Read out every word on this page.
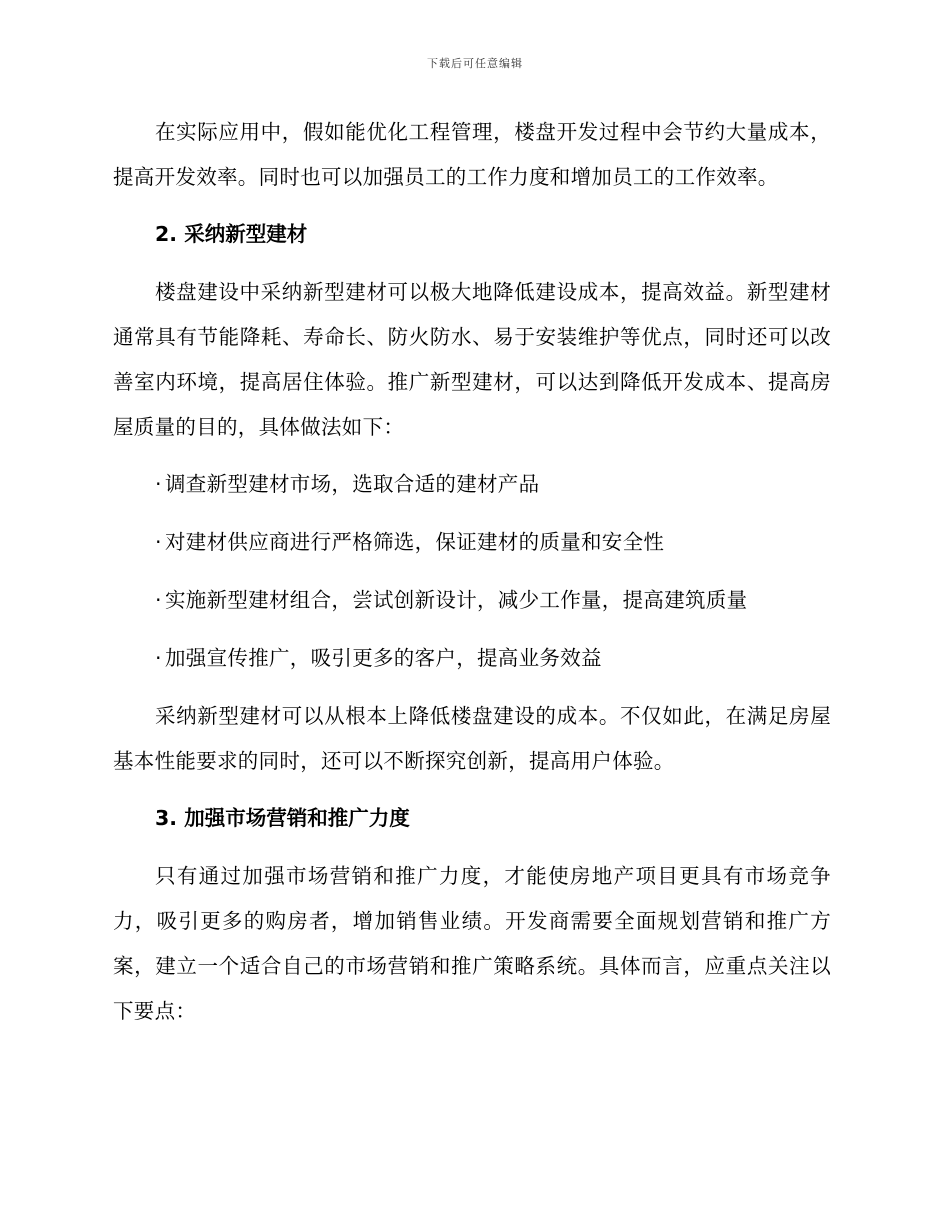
下载后可任意编辑

在实际应用中，假如能优化工程管理，楼盘开发过程中会节约大量成本，提高开发效率。同时也可以加强员工的工作力度和增加员工的工作效率。

2. 采纳新型建材

楼盘建设中采纳新型建材可以极大地降低建设成本，提高效益。新型建材通常具有节能降耗、寿命长、防火防水、易于安装维护等优点，同时还可以改善室内环境，提高居住体验。推广新型建材，可以达到降低开发成本、提高房屋质量的目的，具体做法如下：

· 调查新型建材市场，选取合适的建材产品
· 对建材供应商进行严格筛选，保证建材的质量和安全性
· 实施新型建材组合，尝试创新设计，减少工作量，提高建筑质量
· 加强宣传推广，吸引更多的客户，提高业务效益

采纳新型建材可以从根本上降低楼盘建设的成本。不仅如此，在满足房屋基本性能要求的同时，还可以不断探究创新，提高用户体验。

3. 加强市场营销和推广力度

只有通过加强市场营销和推广力度，才能使房地产项目更具有市场竞争力，吸引更多的购房者，增加销售业绩。开发商需要全面规划营销和推广方案，建立一个适合自己的市场营销和推广策略系统。具体而言，应重点关注以下要点：
